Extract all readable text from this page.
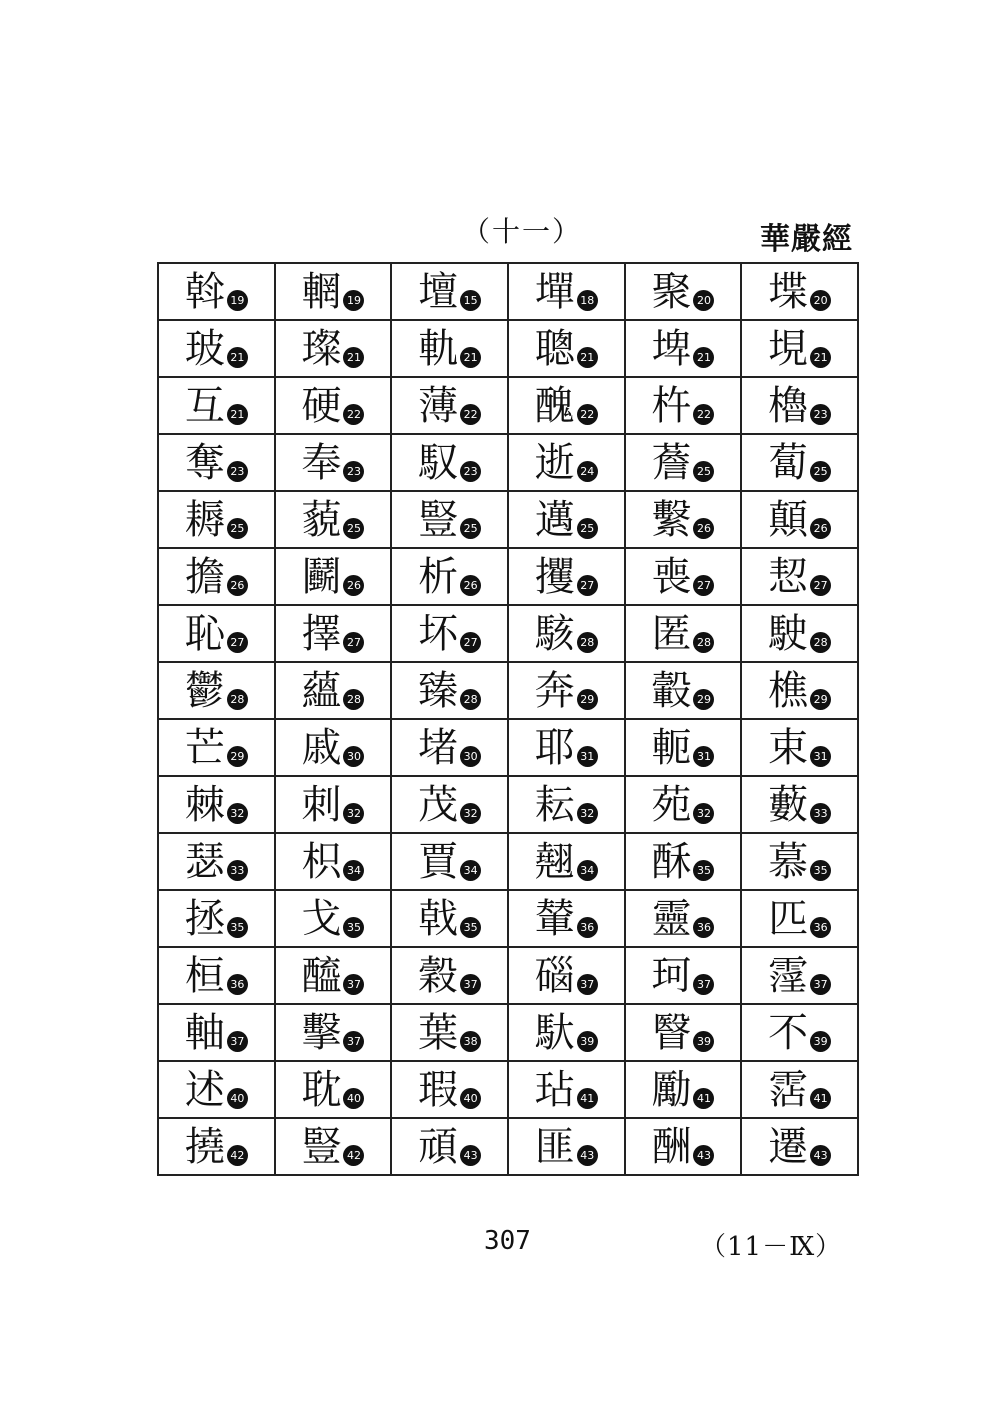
（十一）	華嚴經
斡 19	輞 19	壇 15	墠 18	聚 20	堞 20

玻 21	璨 21	軌 21	聰 21	埤 21	垷 21

互 21	硬 22	薄 22	醜 22	杵 22	櫓 23

奪 23	奉 23	馭 23	逝 24	薝 25	蔔 25

耨 25	藐 25	豎 25	邁 25	繫 26	顛 26

擔 26	鬬 26	析 26	攫 27	喪 27	恝 27

恥 27	擇 27	坏 27	駭 28	匿 28	駛 28

鬱 28	蘊 28	臻 28	奔 29	轂 29	樵 29

芒 29	戚 30	堵 30	耶 31	軛 31	束 31

棘 32	刺 32	茂 32	耘 32	苑 32	藪 33

瑟 33	枳 34	賈 34	翹 34	酥 35	慕 35

拯 35	戈 35	戟 35	輦 36	靈 36	匹 36

桓 36	醯 37	穀 37	碯 37	珂 37	霪 37

軸 37	擊 37	葉 38	馱 39	瞖 39	不 39

述 40	耽 40	瑕 40	玷 41	勵 41	霑 41

撓 42	豎 42	頑 43	匪 43	酬 43	遷 43
307	（11－Ⅸ）
